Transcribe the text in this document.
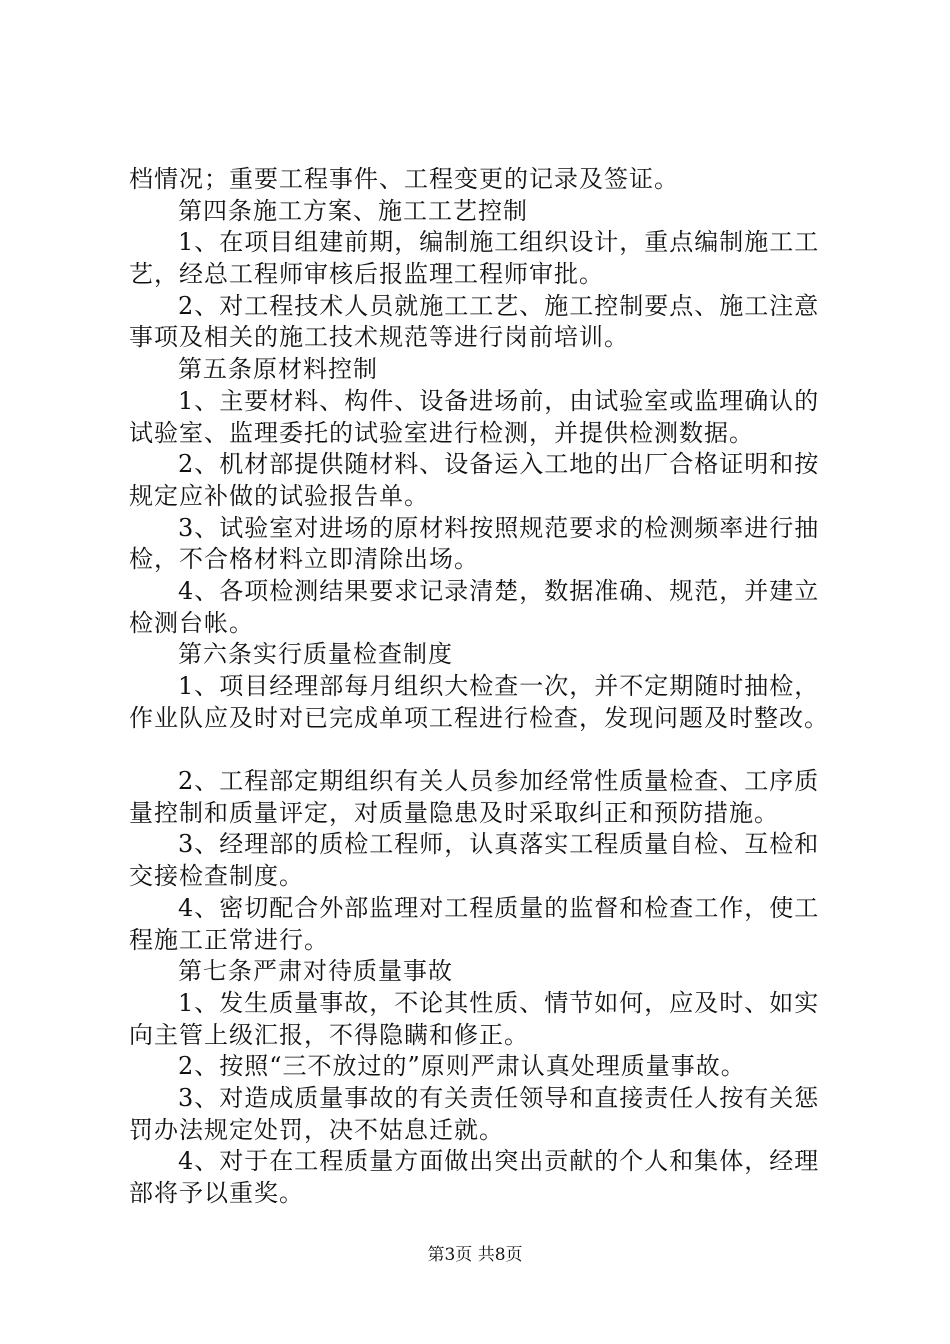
档情况；重要工程事件、工程变更的记录及签证。
第四条施工方案、施工工艺控制
1、在项目组建前期，编制施工组织设计，重点编制施工工
艺，经总工程师审核后报监理工程师审批。
2、对工程技术人员就施工工艺、施工控制要点、施工注意
事项及相关的施工技术规范等进行岗前培训。
第五条原材料控制
1、主要材料、构件、设备进场前，由试验室或监理确认的
试验室、监理委托的试验室进行检测，并提供检测数据。
2、机材部提供随材料、设备运入工地的出厂合格证明和按
规定应补做的试验报告单。
3、试验室对进场的原材料按照规范要求的检测频率进行抽
检，不合格材料立即清除出场。
4、各项检测结果要求记录清楚，数据准确、规范，并建立
检测台帐。
第六条实行质量检查制度
1、项目经理部每月组织大检查一次，并不定期随时抽检，
作业队应及时对已完成单项工程进行检查，发现问题及时整改。
2、工程部定期组织有关人员参加经常性质量检查、工序质
量控制和质量评定，对质量隐患及时采取纠正和预防措施。
3、经理部的质检工程师，认真落实工程质量自检、互检和
交接检查制度。
4、密切配合外部监理对工程质量的监督和检查工作，使工
程施工正常进行。
第七条严肃对待质量事故
1、发生质量事故，不论其性质、情节如何，应及时、如实
向主管上级汇报，不得隐瞒和修正。
2、按照“三不放过的”原则严肃认真处理质量事故。
3、对造成质量事故的有关责任领导和直接责任人按有关惩
罚办法规定处罚，决不姑息迁就。
4、对于在工程质量方面做出突出贡献的个人和集体，经理
部将予以重奖。
第3页 共8页
